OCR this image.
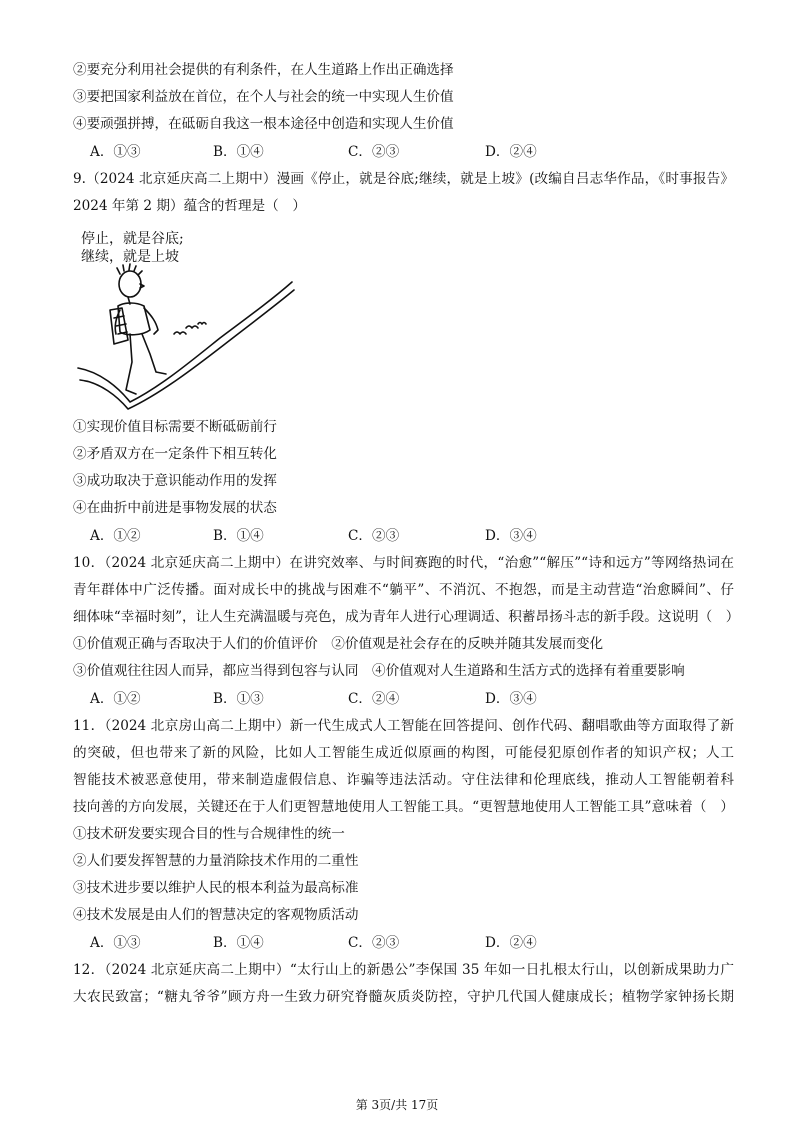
②要充分利用社会提供的有利条件，在人生道路上作出正确选择
③要把国家利益放在首位，在个人与社会的统一中实现人生价值
④要顽强拼搏，在砥砺自我这一根本途径中创造和实现人生价值
A．①③	B．①④	C．②③	D．②④
9.（2024 北京延庆高二上期中）漫画《停止，就是谷底;继续，就是上坡》(改编自吕志华作品，《时事报告》
2024 年第 2 期）蕴含的哲理是（　）
停止，就是谷底;
继续，就是上坡
①实现价值目标需要不断砥砺前行
②矛盾双方在一定条件下相互转化
③成功取决于意识能动作用的发挥
④在曲折中前进是事物发展的状态
A．①②	B．①④	C．②③	D．③④
10．（2024 北京延庆高二上期中）在讲究效率、与时间赛跑的时代，“治愈”“解压”“诗和远方”等网络热词在
青年群体中广泛传播。面对成长中的挑战与困难不“躺平”、不消沉、不抱怨，而是主动营造“治愈瞬间”、仔
细体味“幸福时刻”，让人生充满温暖与亮色，成为青年人进行心理调适、积蓄昂扬斗志的新手段。这说明（　）
①价值观正确与否取决于人们的价值评价　②价值观是社会存在的反映并随其发展而变化
③价值观往往因人而异，都应当得到包容与认同　④价值观对人生道路和生活方式的选择有着重要影响
A．①②	B．①③	C．②④	D．③④
11．（2024 北京房山高二上期中）新一代生成式人工智能在回答提问、创作代码、翻唱歌曲等方面取得了新
的突破，但也带来了新的风险，比如人工智能生成近似原画的构图，可能侵犯原创作者的知识产权；人工
智能技术被恶意使用，带来制造虚假信息、诈骗等违法活动。守住法律和伦理底线，推动人工智能朝着科
技向善的方向发展，关键还在于人们更智慧地使用人工智能工具。“更智慧地使用人工智能工具”意味着（　）
①技术研发要实现合目的性与合规律性的统一
②人们要发挥智慧的力量消除技术作用的二重性
③技术进步要以维护人民的根本利益为最高标准
④技术发展是由人们的智慧决定的客观物质活动
A．①③	B．①④	C．②③	D．②④
12．（2024 北京延庆高二上期中）“太行山上的新愚公”李保国 35 年如一日扎根太行山，以创新成果助力广
大农民致富；“糖丸爷爷”顾方舟一生致力研究脊髓灰质炎防控，守护几代国人健康成长；植物学家钟扬长期
第 3页/共 17页
